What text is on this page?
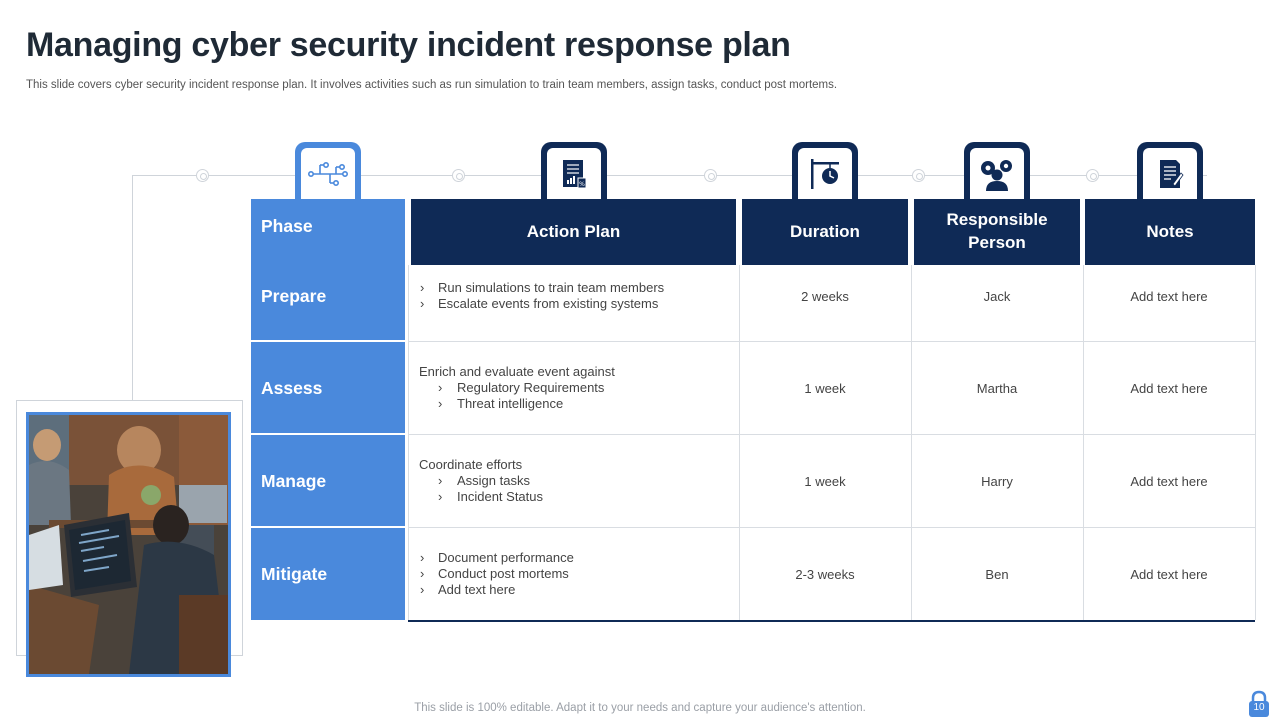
Managing cyber security incident response plan
This slide covers cyber security incident response plan. It involves activities such as run simulation to train team members, assign tasks, conduct post mortems.
%
Phase	Action Plan	Duration
Responsible
Person
Notes
Prepare
›	Run simulations to train team members
› Escalate events from existing systems	2 weeks	Jack	Add text here
Assess
Enrich and evaluate event against
› Regulatory Requirements
› Threat intelligence
1 week	Martha	Add text here
Manage
Coordinate efforts
› Assign tasks
› Incident Status
1 week	Harry	Add text here
Mitigate
› Document performance
› Conduct post mortems
› Add text here
2-3 weeks	Ben	Add text here
This slide is 100% editable. Adapt it to your needs and capture your audience's attention.	10
